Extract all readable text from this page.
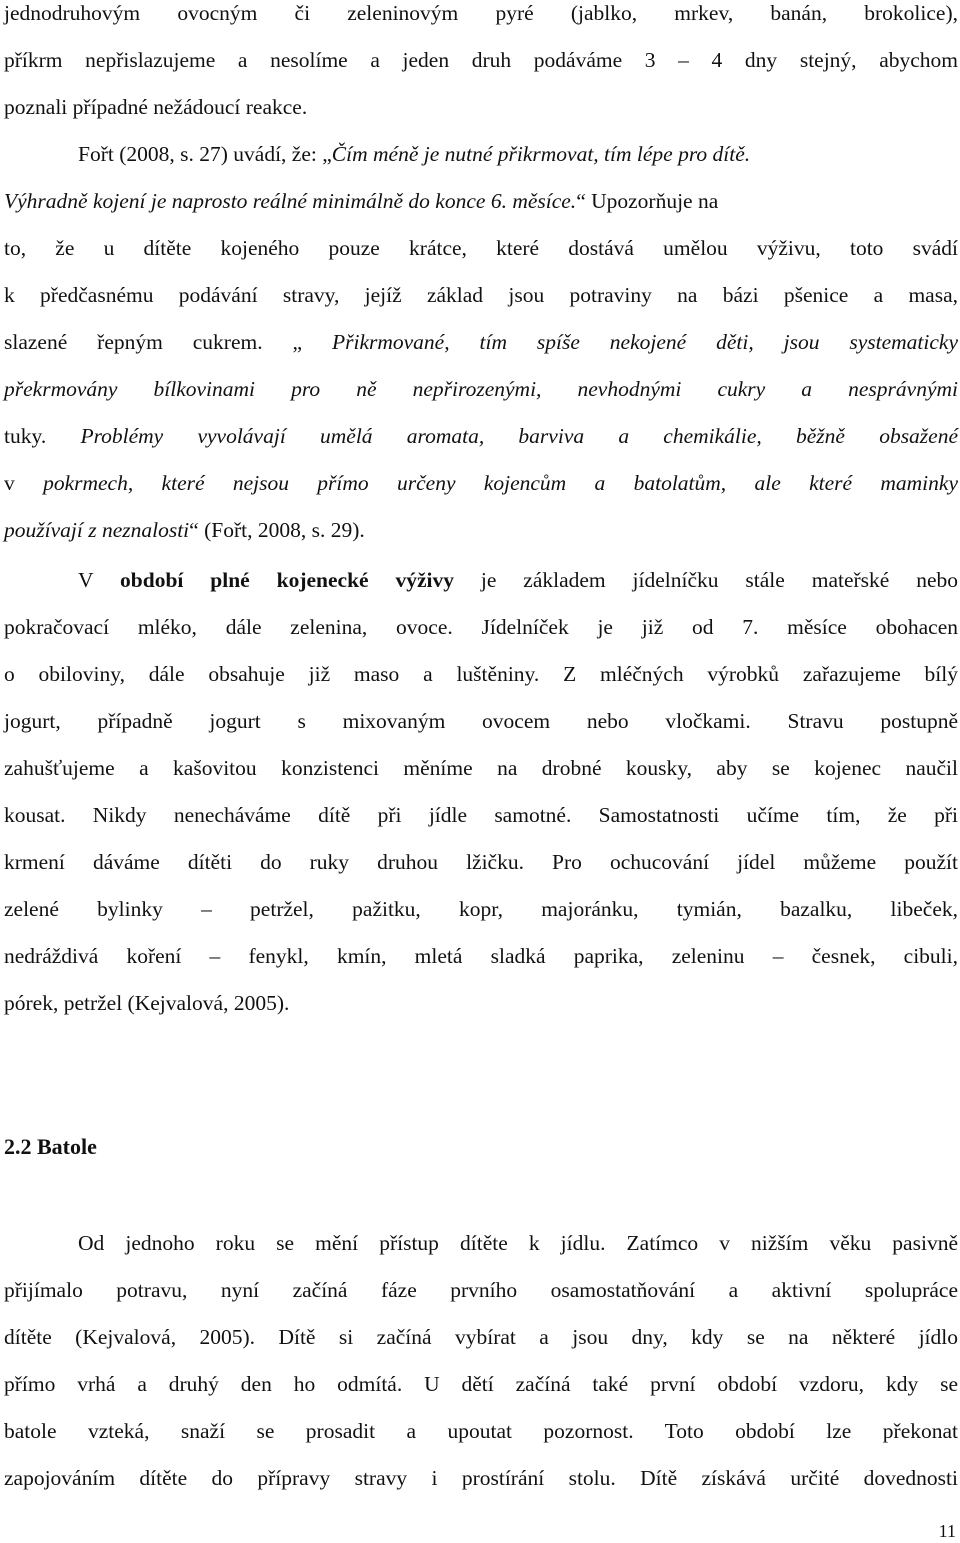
jednodruhovým ovocným či zeleninovým pyré (jablko, mrkev, banán, brokolice),
příkrm nepřislazujeme a nesolíme a jeden druh podáváme 3 – 4 dny stejný, abychom
poznali případné nežádoucí reakce.
Fořt (2008, s. 27) uvádí, že: „Čím méně je nutné přikrmovat, tím lépe pro dítě.
Výhradně kojení je naprosto reálné minimálně do konce 6. měsíce.“ Upozorňuje na
to, že u dítěte kojeného pouze krátce, které dostává umělou výživu, toto svádí
k předčasnému podávání stravy, jejíž základ jsou potraviny na bázi pšenice a masa,
slazené řepným cukrem. „ Přikrmované, tím spíše nekojené děti, jsou systematicky
překrmovány bílkovinami pro ně nepřirozenými, nevhodnými cukry a nesprávnými
tuky. Problémy vyvolávají umělá aromata, barviva a chemikálie, běžně obsažené
v pokrmech, které nejsou přímo určeny kojencům a batolatům, ale které maminky
používají z neznalosti“ (Fořt, 2008, s. 29).
V období plné kojenecké výživy je základem jídelníčku stále mateřské nebo
pokračovací mléko, dále zelenina, ovoce. Jídelníček je již od 7. měsíce obohacen
o obiloviny, dále obsahuje již maso a luštěniny. Z mléčných výrobků zařazujeme bílý
jogurt, případně jogurt s mixovaným ovocem nebo vločkami. Stravu postupně
zahušťujeme a kašovitou konzistenci měníme na drobné kousky, aby se kojenec naučil
kousat. Nikdy nenecháváme dítě při jídle samotné. Samostatnosti učíme tím, že při
krmení dáváme dítěti do ruky druhou lžičku. Pro ochucování jídel můžeme použít
zelené bylinky – petržel, pažitku, kopr, majoránku, tymián, bazalku, libeček,
nedráždivá koření – fenykl, kmín, mletá sladká paprika, zeleninu – česnek, cibuli,
pórek, petržel (Kejvalová, 2005).
2.2 Batole
Od jednoho roku se mění přístup dítěte k jídlu. Zatímco v nižším věku pasivně
přijímalo potravu, nyní začíná fáze prvního osamostatňování a aktivní spolupráce
dítěte (Kejvalová, 2005). Dítě si začíná vybírat a jsou dny, kdy se na některé jídlo
přímo vrhá a druhý den ho odmítá. U dětí začíná také první období vzdoru, kdy se
batole vzteká, snaží se prosadit a upoutat pozornost. Toto období lze překonat
zapojováním dítěte do přípravy stravy i prostírání stolu. Dítě získává určité dovednosti
11
